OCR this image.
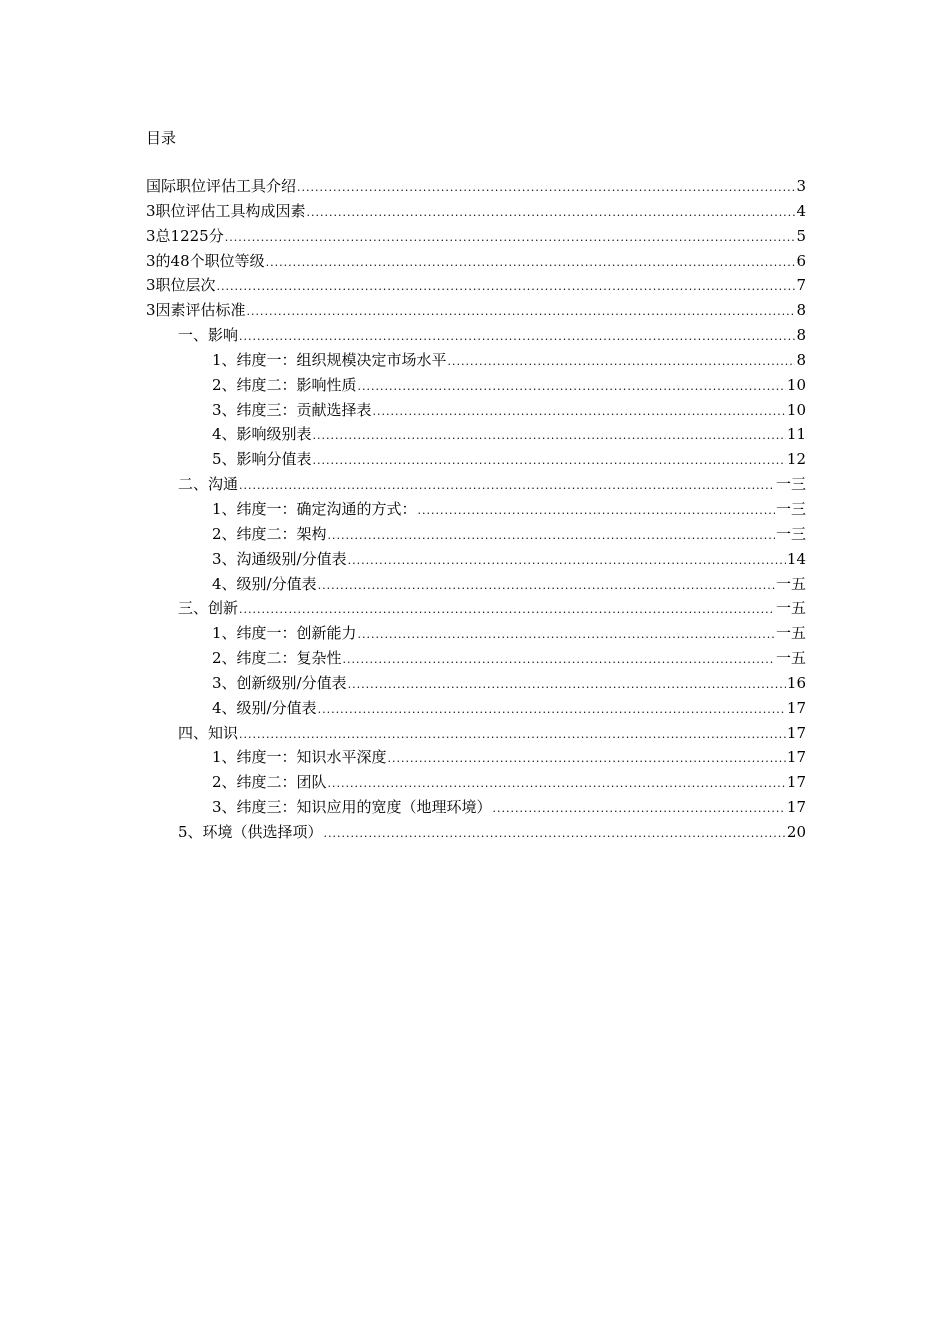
目录
国际职位评估工具介绍 .....	3
3职位评估工具构成因素 .....	4
3总1225分 .....	5
3的48个职位等级 .....	6
3职位层次 .....	7
3因素评估标准 .....	8
一、影响 .....	8
1、纬度一：组织规模决定市场水平 .....	8
2、纬度二：影响性质 .....	10
3、纬度三：贡献选择表 .....	10
4、影响级别表 .....	11
5、影响分值表 .....	12
二、沟通 .....	一三
1、纬度一：确定沟通的方式： .....	一三
2、纬度二：架构 .....	一三
3、沟通级别/分值表 .....	14
4、级别/分值表 .....	一五
三、创新 .....	一五
1、纬度一：创新能力 .....	一五
2、纬度二：复杂性 .....	一五
3、创新级别/分值表 .....	16
4、级别/分值表 .....	17
四、知识 .....	17
1、纬度一：知识水平深度 .....	17
2、纬度二：团队 .....	17
3、纬度三：知识应用的宽度（地理环境） .....	17
5、环境（供选择项） .....	20
